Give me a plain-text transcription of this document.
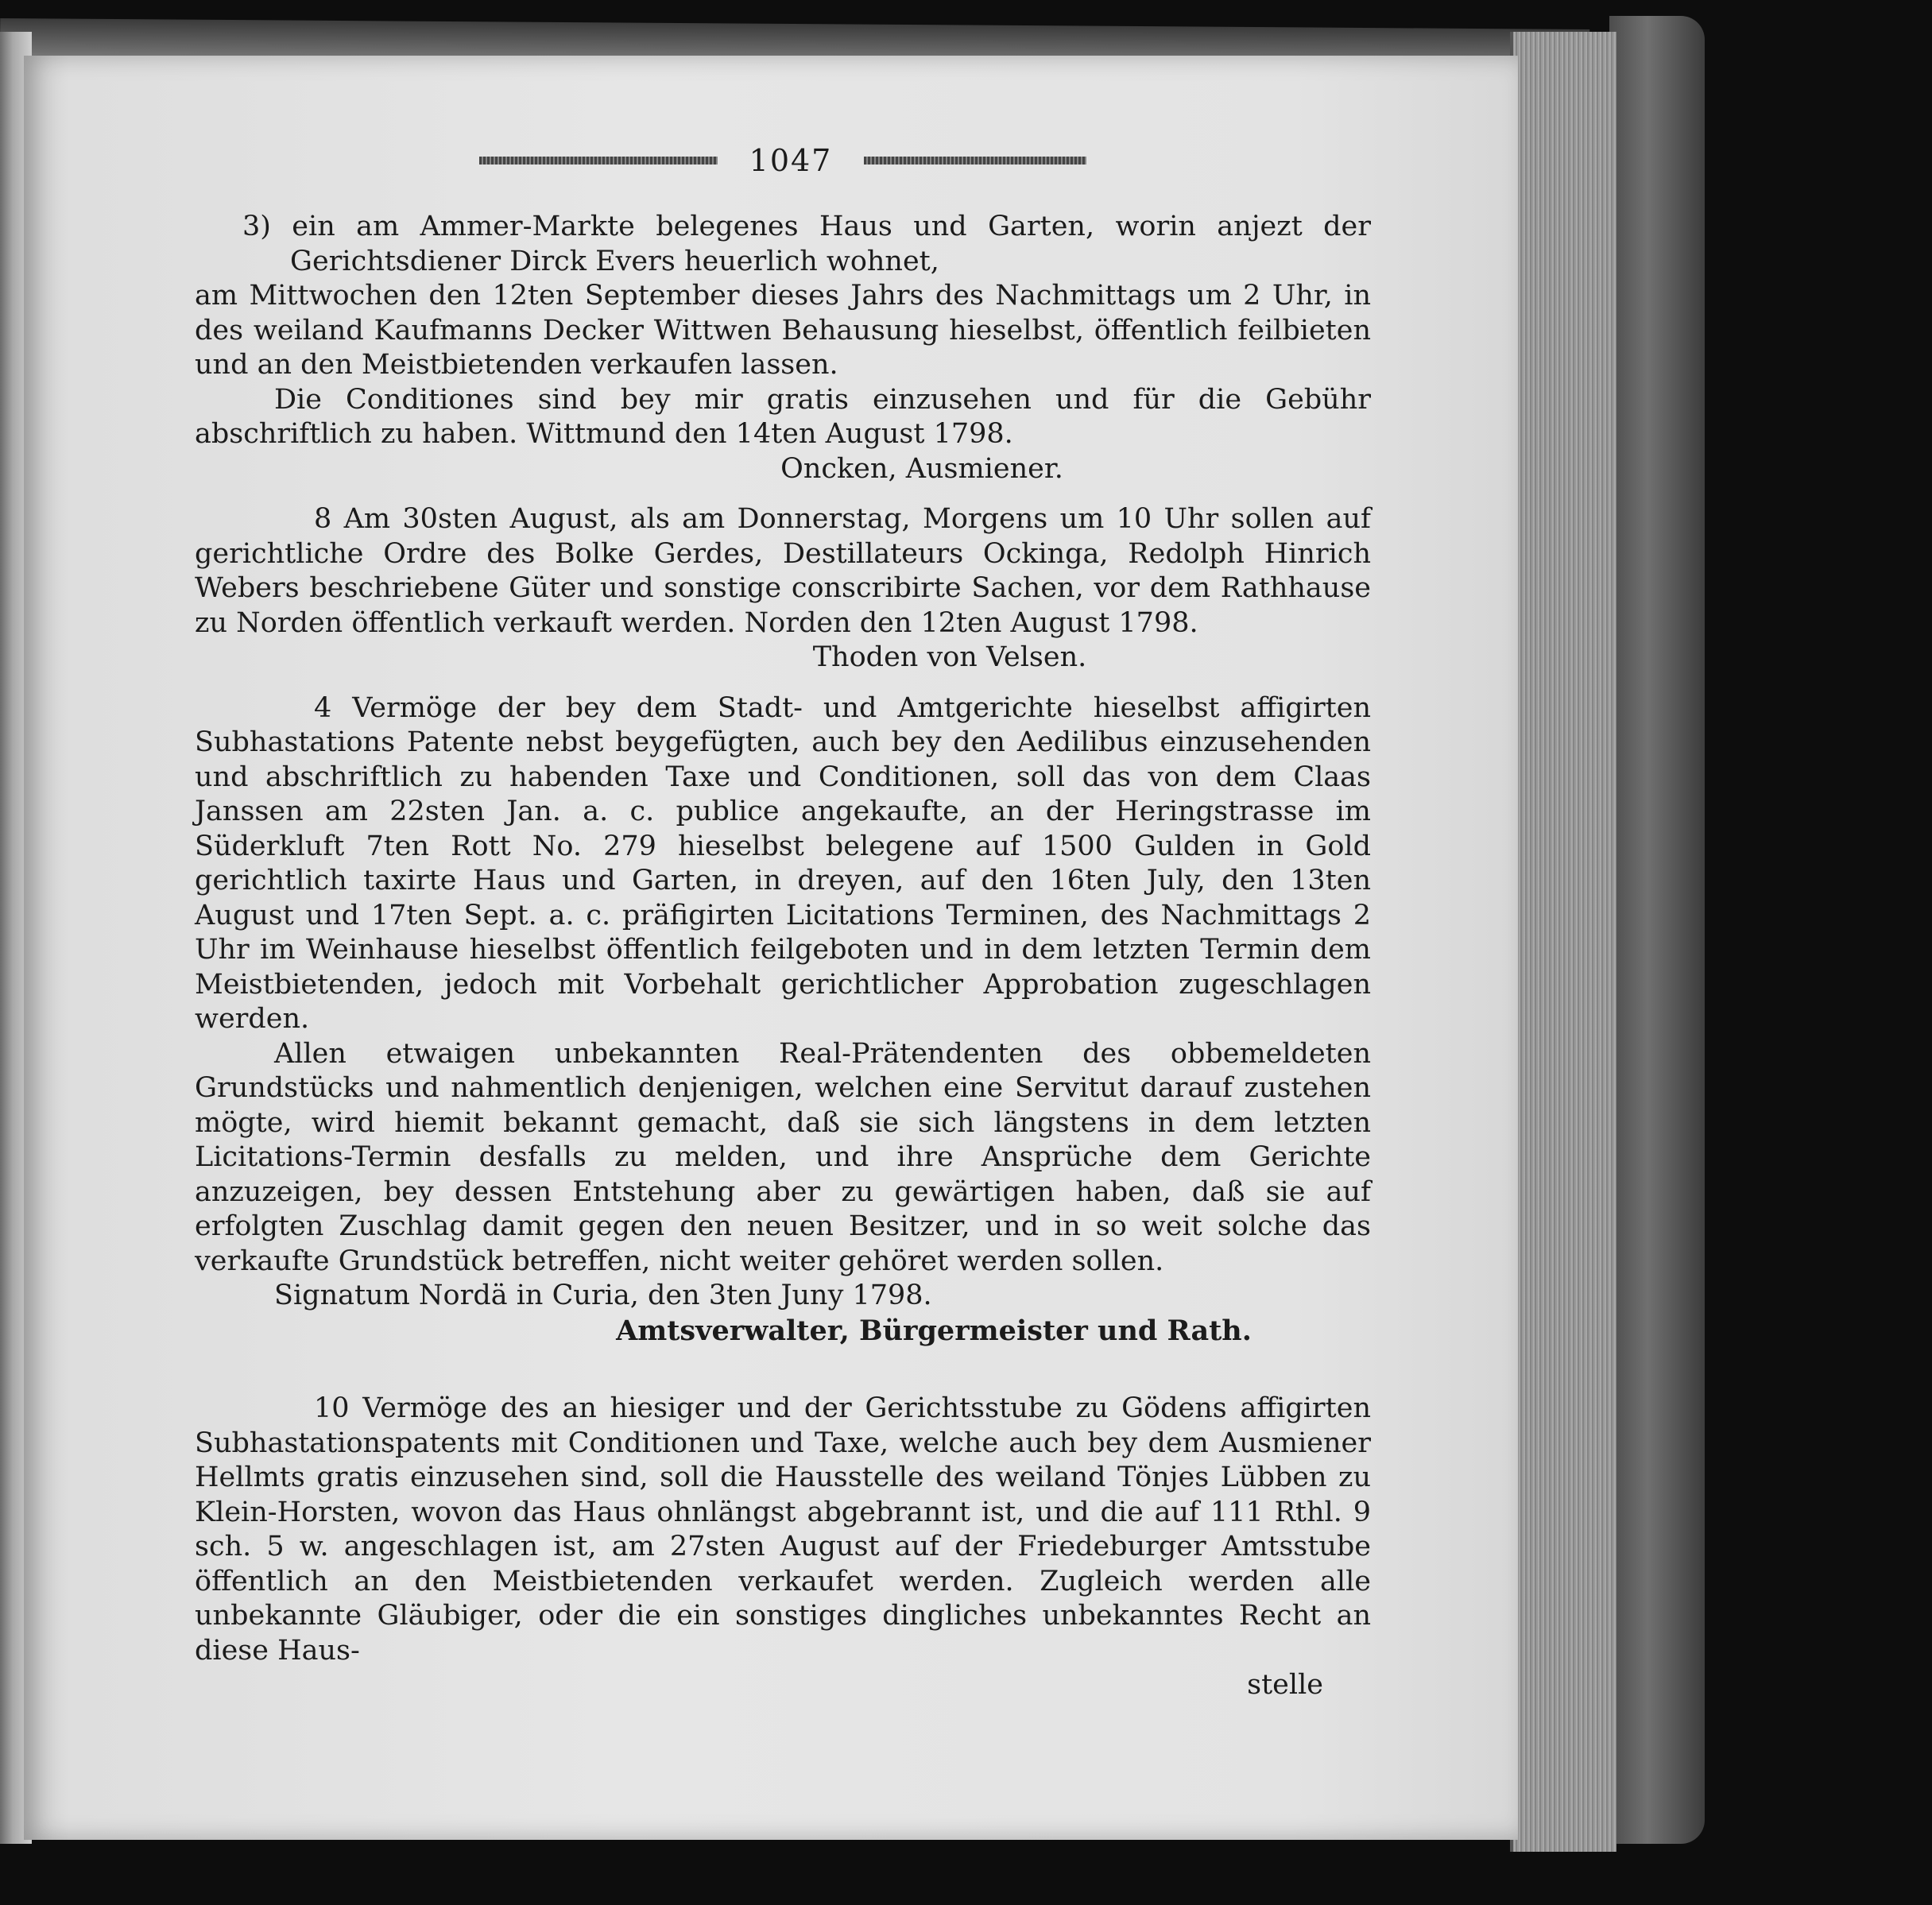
1047

3) ein am Ammer-Markte belegenes Haus und Garten, worin anjezt der Gerichtsdiener Dirck Evers heuerlich wohnet,

am Mittwochen den 12ten September dieses Jahrs des Nachmittags um 2 Uhr, in des weiland Kaufmanns Decker Wittwen Behausung hieselbst, öffentlich feilbieten und an den Meistbietenden verkaufen lassen.

Die Conditiones sind bey mir gratis einzusehen und für die Gebühr abschriftlich zu haben. Wittmund den 14ten August 1798.

Oncken, Ausmiener.

8 Am 30sten August, als am Donnerstag, Morgens um 10 Uhr sollen auf gerichtliche Ordre des Bolke Gerdes, Destillateurs Ockinga, Redolph Hinrich Webers beschriebene Güter und sonstige conscribirte Sachen, vor dem Rathhause zu Norden öffentlich verkauft werden. Norden den 12ten August 1798.

Thoden von Velsen.

4 Vermöge der bey dem Stadt- und Amtgerichte hieselbst affigirten Subhastations Patente nebst beygefügten, auch bey den Aedilibus einzusehenden und abschriftlich zu habenden Taxe und Conditionen, soll das von dem Claas Janssen am 22sten Jan. a. c. publice angekaufte, an der Heringstrasse im Süderkluft 7ten Rott No. 279 hieselbst belegene auf 1500 Gulden in Gold gerichtlich taxirte Haus und Garten, in dreyen, auf den 16ten July, den 13ten August und 17ten Sept. a. c. präfigirten Licitations Terminen, des Nachmittags 2 Uhr im Weinhause hieselbst öffentlich feilgeboten und in dem letzten Termin dem Meistbietenden, jedoch mit Vorbehalt gerichtlicher Approbation zugeschlagen werden.

Allen etwaigen unbekannten Real-Prätendenten des obbemeldeten Grundstücks und nahmentlich denjenigen, welchen eine Servitut darauf zustehen mögte, wird hiemit bekannt gemacht, daß sie sich längstens in dem letzten Licitations-Termin desfalls zu melden, und ihre Ansprüche dem Gerichte anzuzeigen, bey dessen Entstehung aber zu gewärtigen haben, daß sie auf erfolgten Zuschlag damit gegen den neuen Besitzer, und in so weit solche das verkaufte Grundstück betreffen, nicht weiter gehöret werden sollen.

Signatum Nordä in Curia, den 3ten Juny 1798.

Amtsverwalter, Bürgermeister und Rath.

10 Vermöge des an hiesiger und der Gerichtsstube zu Gödens affigirten Subhastationspatents mit Conditionen und Taxe, welche auch bey dem Ausmiener Hellmts gratis einzusehen sind, soll die Hausstelle des weiland Tönjes Lübben zu Klein-Horsten, wovon das Haus ohnlängst abgebrannt ist, und die auf 111 Rthl. 9 sch. 5 w. angeschlagen ist, am 27sten August auf der Friedeburger Amtsstube öffentlich an den Meistbietenden verkaufet werden. Zugleich werden alle unbekannte Gläubiger, oder die ein sonstiges dingliches unbekanntes Recht an diese Haus-

stelle
